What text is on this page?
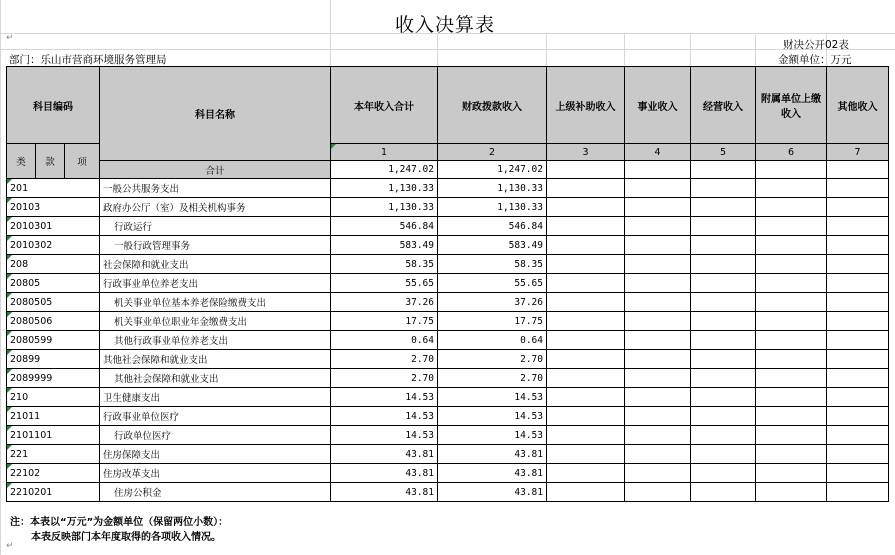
收入决算表
↵
财决公开02表
部门：乐山市营商环境服务管理局	金额单位：万元
科目编码			科目名称	本年收入合计	财政拨款收入	上级补助收入	事业收入	经营收入	附属单位上缴收入	其他收入
类	款	项		1	2	3	4	5	6	7
			合计	1,247.02	1,247.02					
201			一般公共服务支出	1,130.33	1,130.33					
20103			政府办公厅（室）及相关机构事务	1,130.33	1,130.33					
2010301			行政运行	546.84	546.84					
2010302			一般行政管理事务	583.49	583.49					
208			社会保障和就业支出	58.35	58.35					
20805			行政事业单位养老支出	55.65	55.65					
2080505			机关事业单位基本养老保险缴费支出	37.26	37.26					
2080506			机关事业单位职业年金缴费支出	17.75	17.75					
2080599			其他行政事业单位养老支出	0.64	0.64					
20899			其他社会保障和就业支出	2.70	2.70					
2089999			其他社会保障和就业支出	2.70	2.70					
210			卫生健康支出	14.53	14.53					
21011			行政事业单位医疗	14.53	14.53					
2101101			行政单位医疗	14.53	14.53					
221			住房保障支出	43.81	43.81					
22102			住房改革支出	43.81	43.81					
2210201			住房公积金	43.81	43.81					
注：本表以“万元”为金额单位（保留两位小数）：
本表反映部门本年度取得的各项收入情况。
↵
